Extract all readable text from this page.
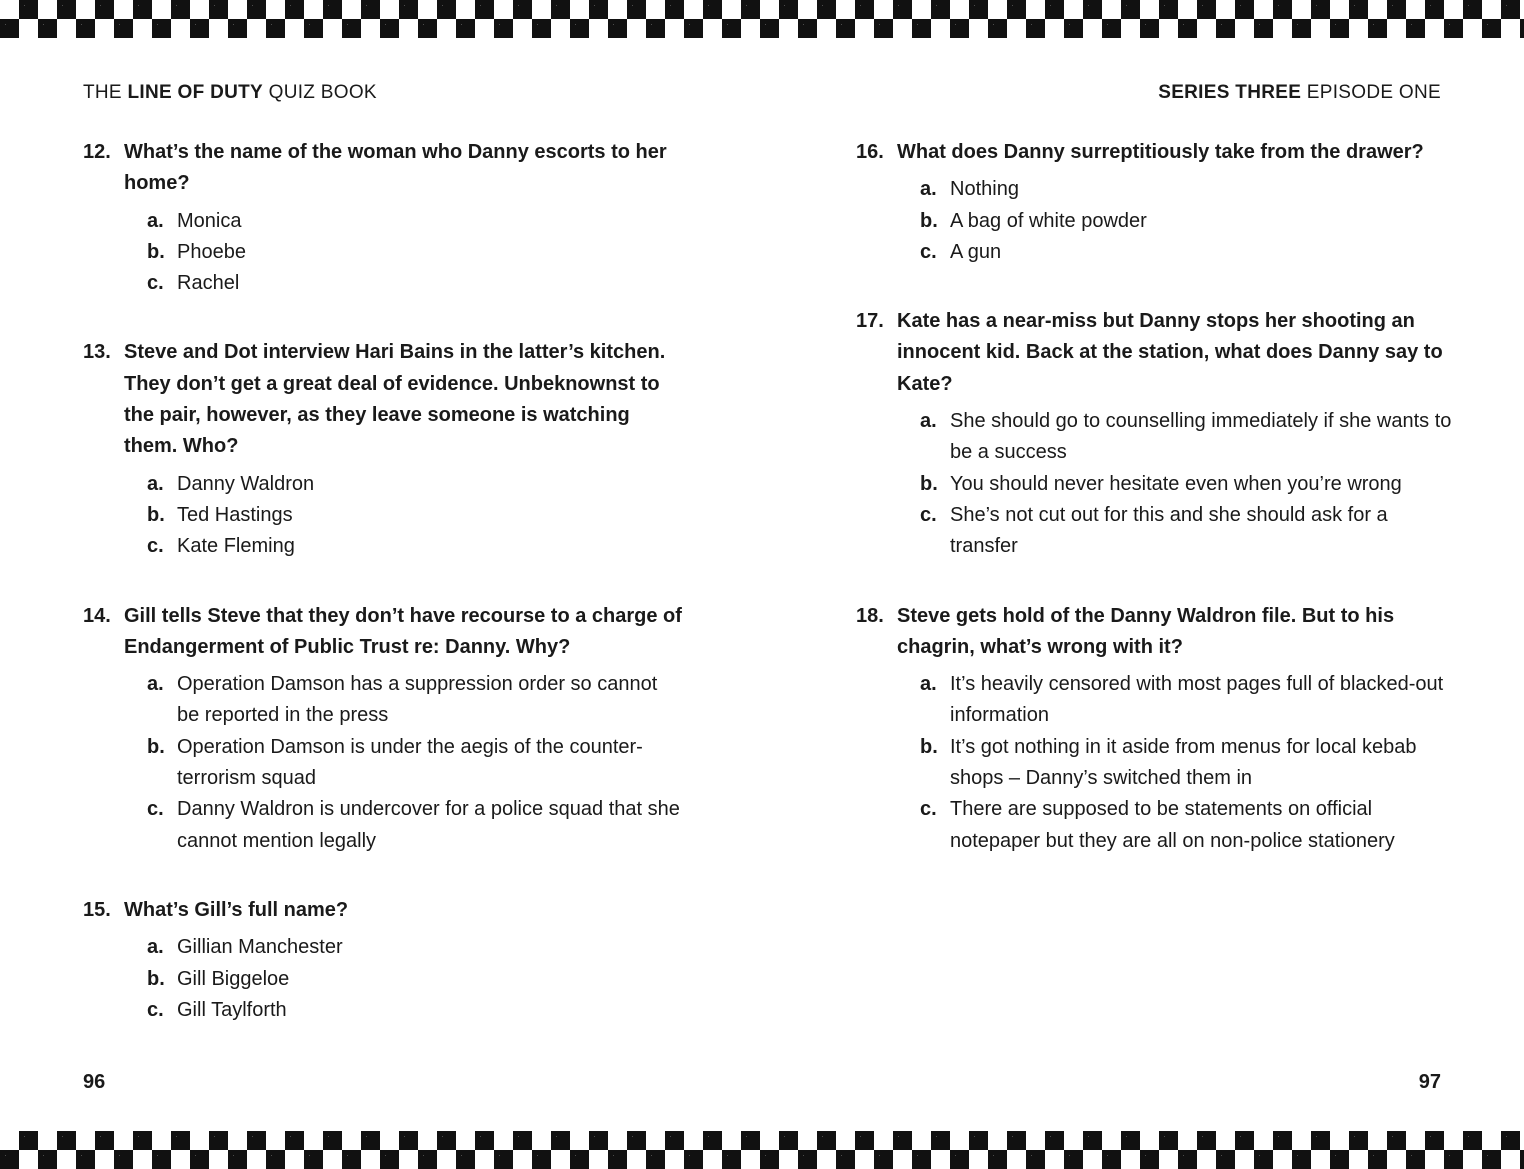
THE LINE OF DUTY QUIZ BOOK	SERIES THREE EPISODE ONE
12. What’s the name of the woman who Danny escorts to her home?
a. Monica
b. Phoebe
c. Rachel
13. Steve and Dot interview Hari Bains in the latter’s kitchen. They don’t get a great deal of evidence. Unbeknownst to the pair, however, as they leave someone is watching them. Who?
a. Danny Waldron
b. Ted Hastings
c. Kate Fleming
14. Gill tells Steve that they don’t have recourse to a charge of Endangerment of Public Trust re: Danny. Why?
a. Operation Damson has a suppression order so cannot be reported in the press
b. Operation Damson is under the aegis of the counter-terrorism squad
c. Danny Waldron is undercover for a police squad that she cannot mention legally
15. What’s Gill’s full name?
a. Gillian Manchester
b. Gill Biggeloe
c. Gill Taylforth
16. What does Danny surreptitiously take from the drawer?
a. Nothing
b. A bag of white powder
c. A gun
17. Kate has a near-miss but Danny stops her shooting an innocent kid. Back at the station, what does Danny say to Kate?
a. She should go to counselling immediately if she wants to be a success
b. You should never hesitate even when you’re wrong
c. She’s not cut out for this and she should ask for a transfer
18. Steve gets hold of the Danny Waldron file. But to his chagrin, what’s wrong with it?
a. It’s heavily censored with most pages full of blacked-out information
b. It’s got nothing in it aside from menus for local kebab shops – Danny’s switched them in
c. There are supposed to be statements on official notepaper but they are all on non-police stationery
96	97
